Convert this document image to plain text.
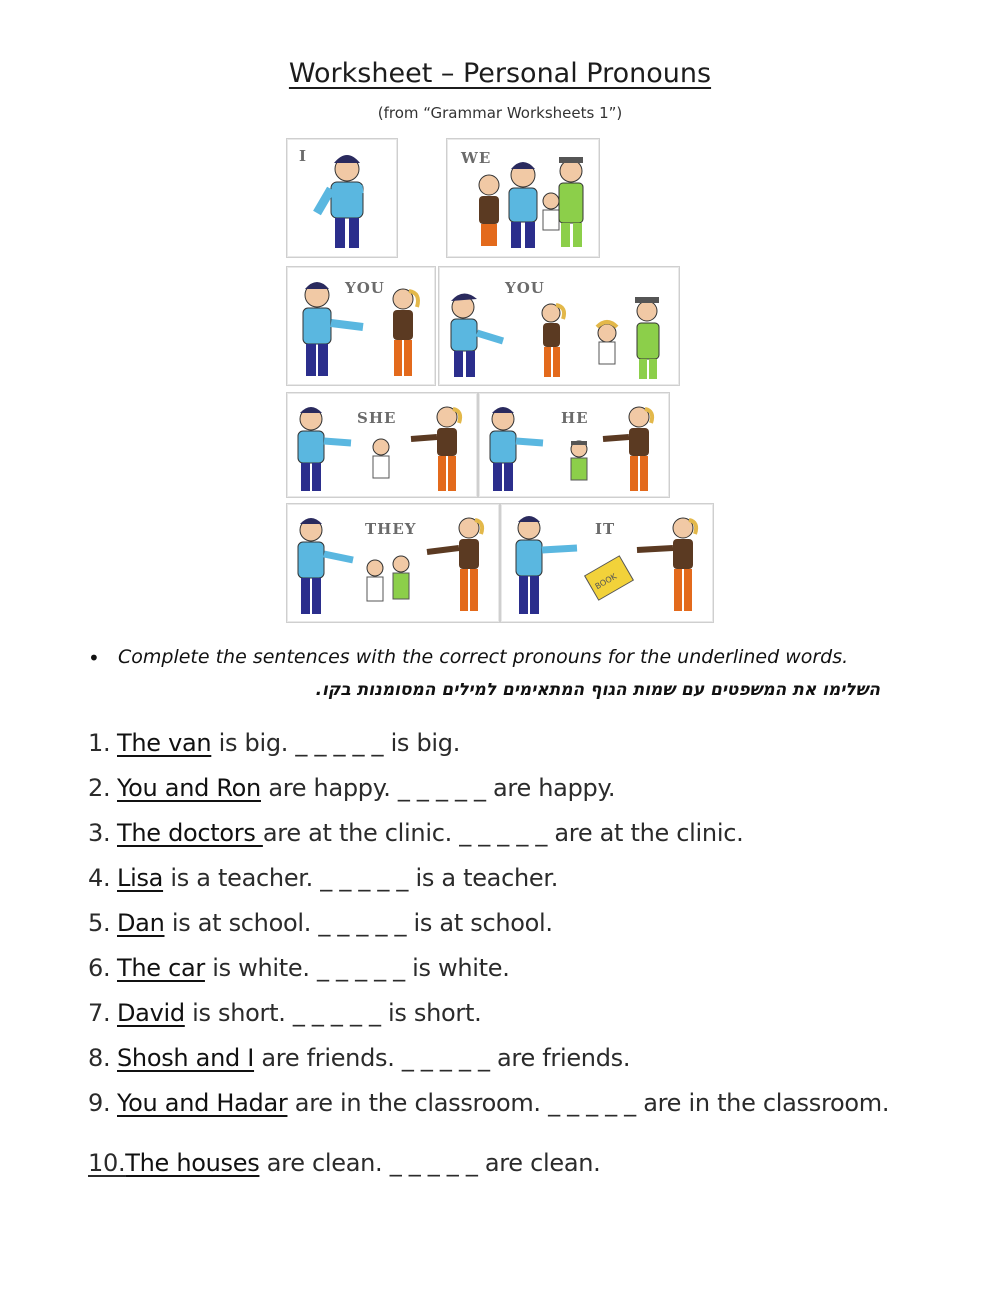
Worksheet – Personal Pronouns
(from “Grammar Worksheets 1”)
I	WE
YOU	YOU
SHE	HE
THEY	IT
BOOK
• Complete the sentences with the correct pronouns for the underlined words.
השלימו את המשפטים עם שמות הגוף המתאימים למילים המסומנות בקו.
1. The van is big. _ _ _ _ _ is big.
2. You and Ron are happy. _ _ _ _ _ are happy.
3. The doctors are at the clinic. _ _ _ _ _ are at the clinic.
4. Lisa is a teacher. _ _ _ _ _ is a teacher.
5. Dan is at school. _ _ _ _ _ is at school.
6. The car is white. _ _ _ _ _ is white.
7. David is short. _ _ _ _ _ is short.
8. Shosh and I are friends. _ _ _ _ _ are friends.
9. You and Hadar are in the classroom. _ _ _ _ _ are in the classroom.
10.The houses are clean. _ _ _ _ _ are clean.
